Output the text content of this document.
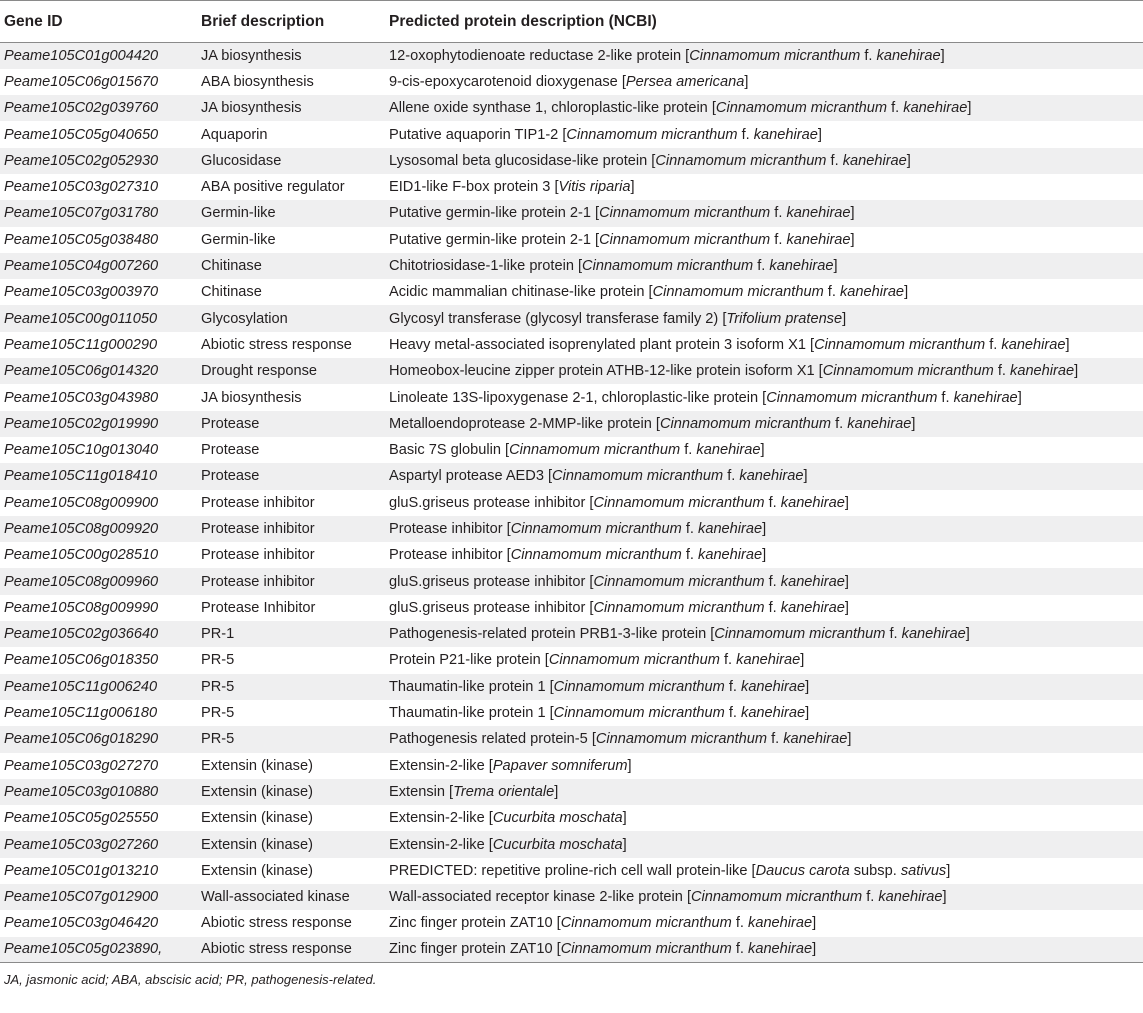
Gene ID	Brief description	Predicted protein description (NCBI)
Peame105C01g004420	JA biosynthesis	12-oxophytodienoate reductase 2-like protein [Cinnamomum micranthum f. kanehirae]
Peame105C06g015670	ABA biosynthesis	9-cis-epoxycarotenoid dioxygenase [Persea americana]
Peame105C02g039760	JA biosynthesis	Allene oxide synthase 1, chloroplastic-like protein [Cinnamomum micranthum f. kanehirae]
Peame105C05g040650	Aquaporin	Putative aquaporin TIP1-2 [Cinnamomum micranthum f. kanehirae]
Peame105C02g052930	Glucosidase	Lysosomal beta glucosidase-like protein [Cinnamomum micranthum f. kanehirae]
Peame105C03g027310	ABA positive regulator	EID1-like F-box protein 3 [Vitis riparia]
Peame105C07g031780	Germin-like	Putative germin-like protein 2-1 [Cinnamomum micranthum f. kanehirae]
Peame105C05g038480	Germin-like	Putative germin-like protein 2-1 [Cinnamomum micranthum f. kanehirae]
Peame105C04g007260	Chitinase	Chitotriosidase-1-like protein [Cinnamomum micranthum f. kanehirae]
Peame105C03g003970	Chitinase	Acidic mammalian chitinase-like protein [Cinnamomum micranthum f. kanehirae]
Peame105C00g011050	Glycosylation	Glycosyl transferase (glycosyl transferase family 2) [Trifolium pratense]
Peame105C11g000290	Abiotic stress response	Heavy metal-associated isoprenylated plant protein 3 isoform X1 [Cinnamomum micranthum f. kanehirae]
Peame105C06g014320	Drought response	Homeobox-leucine zipper protein ATHB-12-like protein isoform X1 [Cinnamomum micranthum f. kanehirae]
Peame105C03g043980	JA biosynthesis	Linoleate 13S-lipoxygenase 2-1, chloroplastic-like protein [Cinnamomum micranthum f. kanehirae]
Peame105C02g019990	Protease	Metalloendoprotease 2-MMP-like protein [Cinnamomum micranthum f. kanehirae]
Peame105C10g013040	Protease	Basic 7S globulin [Cinnamomum micranthum f. kanehirae]
Peame105C11g018410	Protease	Aspartyl protease AED3 [Cinnamomum micranthum f. kanehirae]
Peame105C08g009900	Protease inhibitor	gluS.griseus protease inhibitor [Cinnamomum micranthum f. kanehirae]
Peame105C08g009920	Protease inhibitor	Protease inhibitor [Cinnamomum micranthum f. kanehirae]
Peame105C00g028510	Protease inhibitor	Protease inhibitor [Cinnamomum micranthum f. kanehirae]
Peame105C08g009960	Protease inhibitor	gluS.griseus protease inhibitor [Cinnamomum micranthum f. kanehirae]
Peame105C08g009990	Protease Inhibitor	gluS.griseus protease inhibitor [Cinnamomum micranthum f. kanehirae]
Peame105C02g036640	PR-1	Pathogenesis-related protein PRB1-3-like protein [Cinnamomum micranthum f. kanehirae]
Peame105C06g018350	PR-5	Protein P21-like protein [Cinnamomum micranthum f. kanehirae]
Peame105C11g006240	PR-5	Thaumatin-like protein 1 [Cinnamomum micranthum f. kanehirae]
Peame105C11g006180	PR-5	Thaumatin-like protein 1 [Cinnamomum micranthum f. kanehirae]
Peame105C06g018290	PR-5	Pathogenesis related protein-5 [Cinnamomum micranthum f. kanehirae]
Peame105C03g027270	Extensin (kinase)	Extensin-2-like [Papaver somniferum]
Peame105C03g010880	Extensin (kinase)	Extensin [Trema orientale]
Peame105C05g025550	Extensin (kinase)	Extensin-2-like [Cucurbita moschata]
Peame105C03g027260	Extensin (kinase)	Extensin-2-like [Cucurbita moschata]
Peame105C01g013210	Extensin (kinase)	PREDICTED: repetitive proline-rich cell wall protein-like [Daucus carota subsp. sativus]
Peame105C07g012900	Wall-associated kinase	Wall-associated receptor kinase 2-like protein [Cinnamomum micranthum f. kanehirae]
Peame105C03g046420	Abiotic stress response	Zinc finger protein ZAT10 [Cinnamomum micranthum f. kanehirae]
Peame105C05g023890,	Abiotic stress response	Zinc finger protein ZAT10 [Cinnamomum micranthum f. kanehirae]
JA, jasmonic acid; ABA, abscisic acid; PR, pathogenesis-related.
